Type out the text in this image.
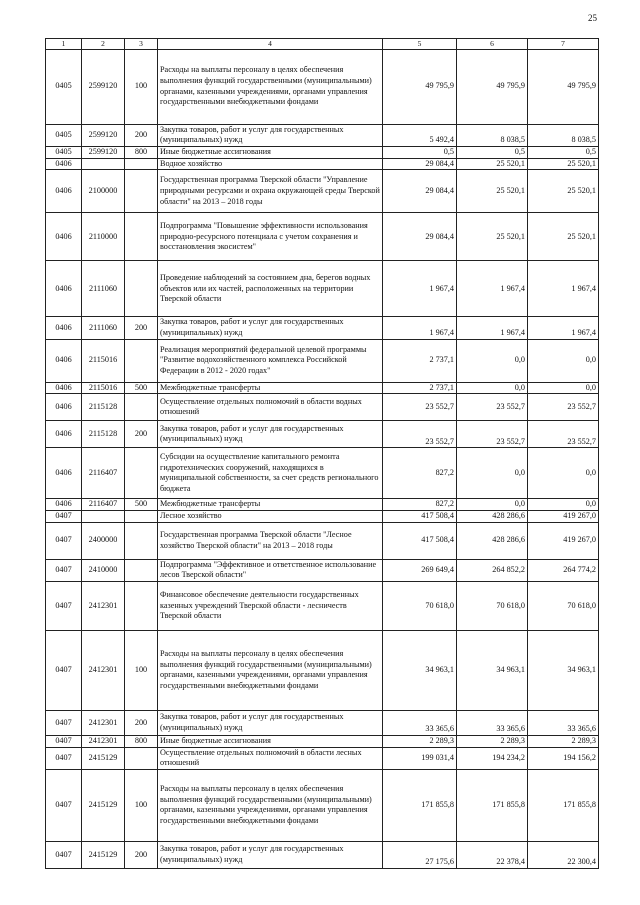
25
1	2	3	4	5	6	7
0405	2599120	100	Расходы на выплаты персоналу в целях обеспечения выполнения функций государственными (муниципальными) органами, казенными учреждениями, органами управления государственными внебюджетными фондами	49 795,9	49 795,9	49 795,9
0405	2599120	200	Закупка товаров, работ и услуг для государственных (муниципальных) нужд	5 492,4	8 038,5	8 038,5
0405	2599120	800	Иные бюджетные ассигнования	0,5	0,5	0,5
0406			Водное хозяйство	29 084,4	25 520,1	25 520,1
0406	2100000		Государственная программа Тверской области "Управление природными ресурсами и охрана окружающей среды Тверской области" на 2013 – 2018 годы	29 084,4	25 520,1	25 520,1
0406	2110000		Подпрограмма "Повышение эффективности использования природно-ресурсного потенциала с учетом сохранения и восстановления экосистем"	29 084,4	25 520,1	25 520,1
0406	2111060		Проведение наблюдений за состоянием дна, берегов водных объектов или их частей, расположенных на территории Тверской области	1 967,4	1 967,4	1 967,4
0406	2111060	200	Закупка товаров, работ и услуг для государственных (муниципальных) нужд	1 967,4	1 967,4	1 967,4
0406	2115016		Реализация мероприятий федеральной целевой программы "Развитие водохозяйственного комплекса Российской Федерации в 2012 - 2020 годах"	2 737,1	0,0	0,0
0406	2115016	500	Межбюджетные трансферты	2 737,1	0,0	0,0
0406	2115128		Осуществление отдельных полномочий в области водных отношений	23 552,7	23 552,7	23 552,7
0406	2115128	200	Закупка товаров, работ и услуг для государственных (муниципальных) нужд	23 552,7	23 552,7	23 552,7
0406	2116407		Субсидии на осуществление капитального ремонта гидротехнических сооружений, находящихся в муниципальной собственности, за счет средств регионального бюджета	827,2	0,0	0,0
0406	2116407	500	Межбюджетные трансферты	827,2	0,0	0,0
0407			Лесное хозяйство	417 508,4	428 286,6	419 267,0
0407	2400000		Государственная программа Тверской области "Лесное хозяйство Тверской области" на 2013 – 2018 годы	417 508,4	428 286,6	419 267,0
0407	2410000		Подпрограмма "Эффективное и ответственное использование лесов Тверской области"	269 649,4	264 852,2	264 774,2
0407	2412301		Финансовое обеспечение деятельности государственных казенных учреждений Тверской области - лесничеств Тверской области	70 618,0	70 618,0	70 618,0
0407	2412301	100	Расходы на выплаты персоналу в целях обеспечения выполнения функций государственными (муниципальными) органами, казенными учреждениями, органами управления государственными внебюджетными фондами	34 963,1	34 963,1	34 963,1
0407	2412301	200	Закупка товаров, работ и услуг для государственных (муниципальных) нужд	33 365,6	33 365,6	33 365,6
0407	2412301	800	Иные бюджетные ассигнования	2 289,3	2 289,3	2 289,3
0407	2415129		Осуществление отдельных полномочий в области лесных отношений	199 031,4	194 234,2	194 156,2
0407	2415129	100	Расходы на выплаты персоналу в целях обеспечения выполнения функций государственными (муниципальными) органами, казенными учреждениями, органами управления государственными внебюджетными фондами	171 855,8	171 855,8	171 855,8
0407	2415129	200	Закупка товаров, работ и услуг для государственных (муниципальных) нужд	27 175,6	22 378,4	22 300,4
